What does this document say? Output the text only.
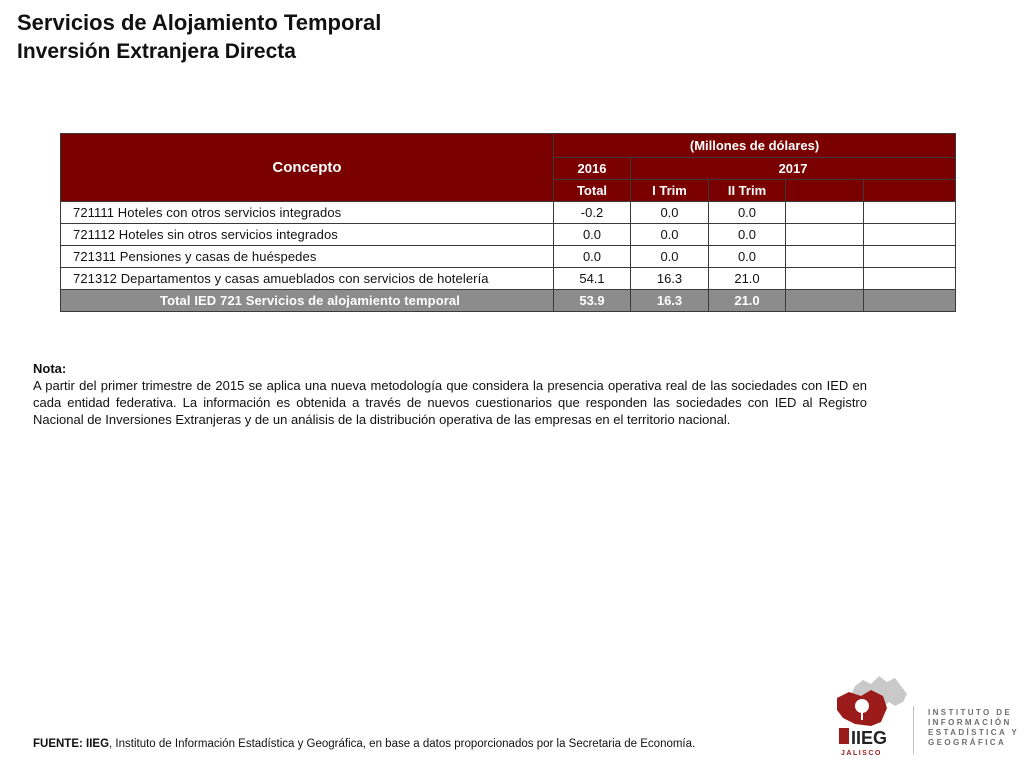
Servicios de Alojamiento Temporal
Inversión Extranjera Directa
Concepto	(Millones de dólares)				
	2016	2017			
	Total	I Trim	II Trim		
721111 Hoteles con otros servicios integrados	-0.2	0.0	0.0		
721112 Hoteles sin otros servicios integrados	0.0	0.0	0.0		
721311 Pensiones y casas de huéspedes	0.0	0.0	0.0		
721312 Departamentos y casas amueblados con servicios de hotelería	54.1	16.3	21.0		
Total IED 721 Servicios de alojamiento temporal	53.9	16.3	21.0		
Nota:
A partir del primer trimestre de 2015 se aplica una nueva metodología que considera la presencia operativa real de las sociedades con IED en cada entidad federativa. La información es obtenida a través de nuevos cuestionarios que responden las sociedades con IED al Registro Nacional de Inversiones Extranjeras y de un análisis de la distribución operativa de las empresas en el territorio nacional.
FUENTE: IIEG, Instituto de Información Estadística y Geográfica, en base a datos proporcionados por la Secretaria de Economía.	IIEG
JALISCO
INSTITUTO DE
INFORMACIÓN
ESTADÍSTICA Y
GEOGRÁFICA
